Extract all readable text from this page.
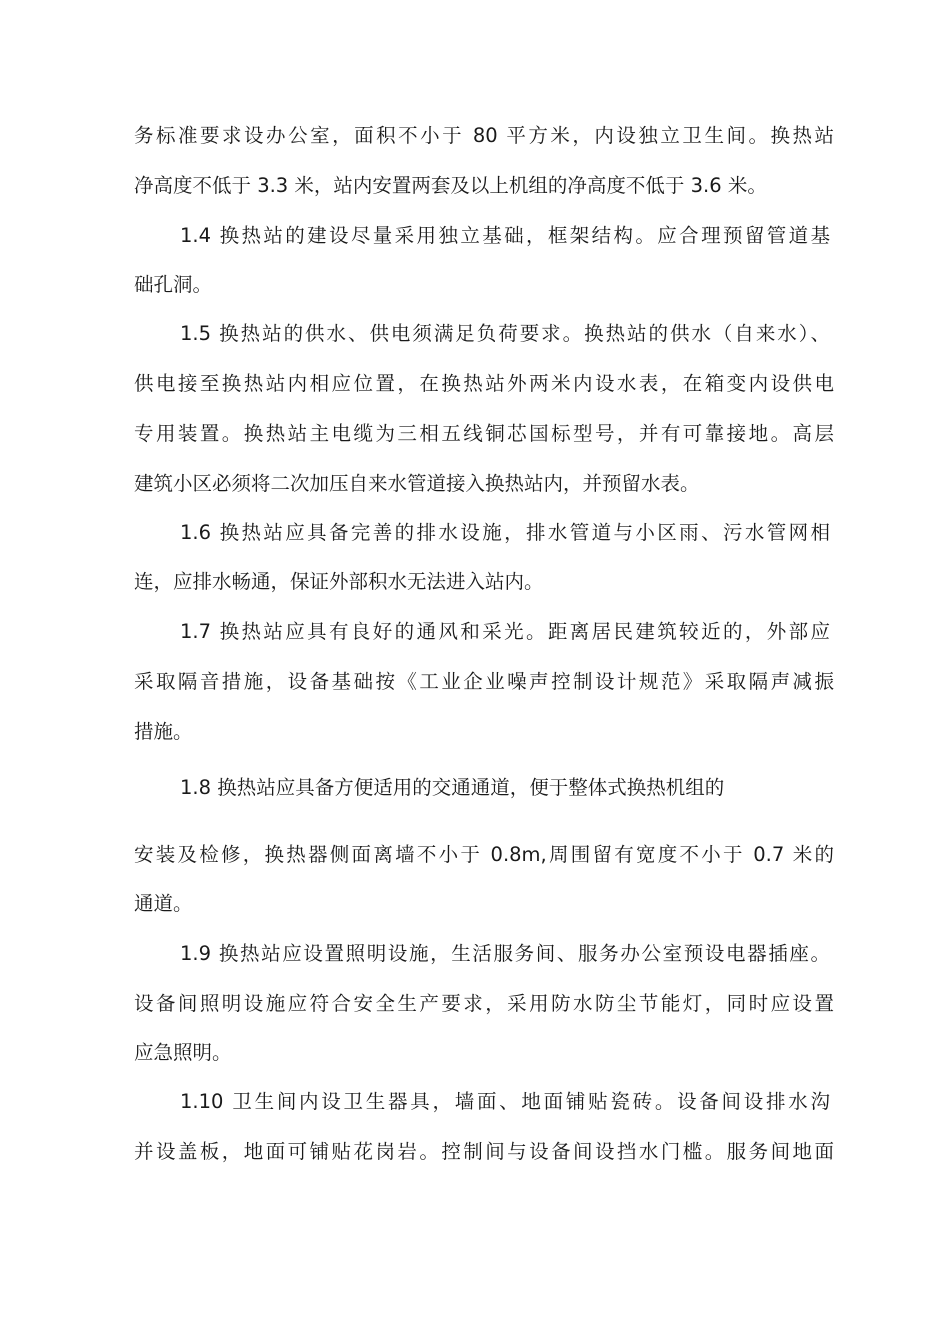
务标准要求设办公室，面积不小于 80 平方米，内设独立卫生间。换热站
净高度不低于 3.3 米，站内安置两套及以上机组的净高度不低于 3.6 米。
1.4 换热站的建设尽量采用独立基础，框架结构。应合理预留管道基
础孔洞。
1.5 换热站的供水、供电须满足负荷要求。换热站的供水（自来水）、
供电接至换热站内相应位置，在换热站外两米内设水表，在箱变内设供电
专用装置。换热站主电缆为三相五线铜芯国标型号，并有可靠接地。高层
建筑小区必须将二次加压自来水管道接入换热站内，并预留水表。
1.6 换热站应具备完善的排水设施，排水管道与小区雨、污水管网相
连，应排水畅通，保证外部积水无法进入站内。
1.7 换热站应具有良好的通风和采光。距离居民建筑较近的，外部应
采取隔音措施，设备基础按《工业企业噪声控制设计规范》采取隔声减振
措施。
1.8 换热站应具备方便适用的交通通道，便于整体式换热机组的
安装及检修，换热器侧面离墙不小于 0.8m,周围留有宽度不小于 0.7 米的
通道。
1.9 换热站应设置照明设施，生活服务间、服务办公室预设电器插座。
设备间照明设施应符合安全生产要求，采用防水防尘节能灯，同时应设置
应急照明。
1.10 卫生间内设卫生器具，墙面、地面铺贴瓷砖。设备间设排水沟
并设盖板，地面可铺贴花岗岩。控制间与设备间设挡水门槛。服务间地面
